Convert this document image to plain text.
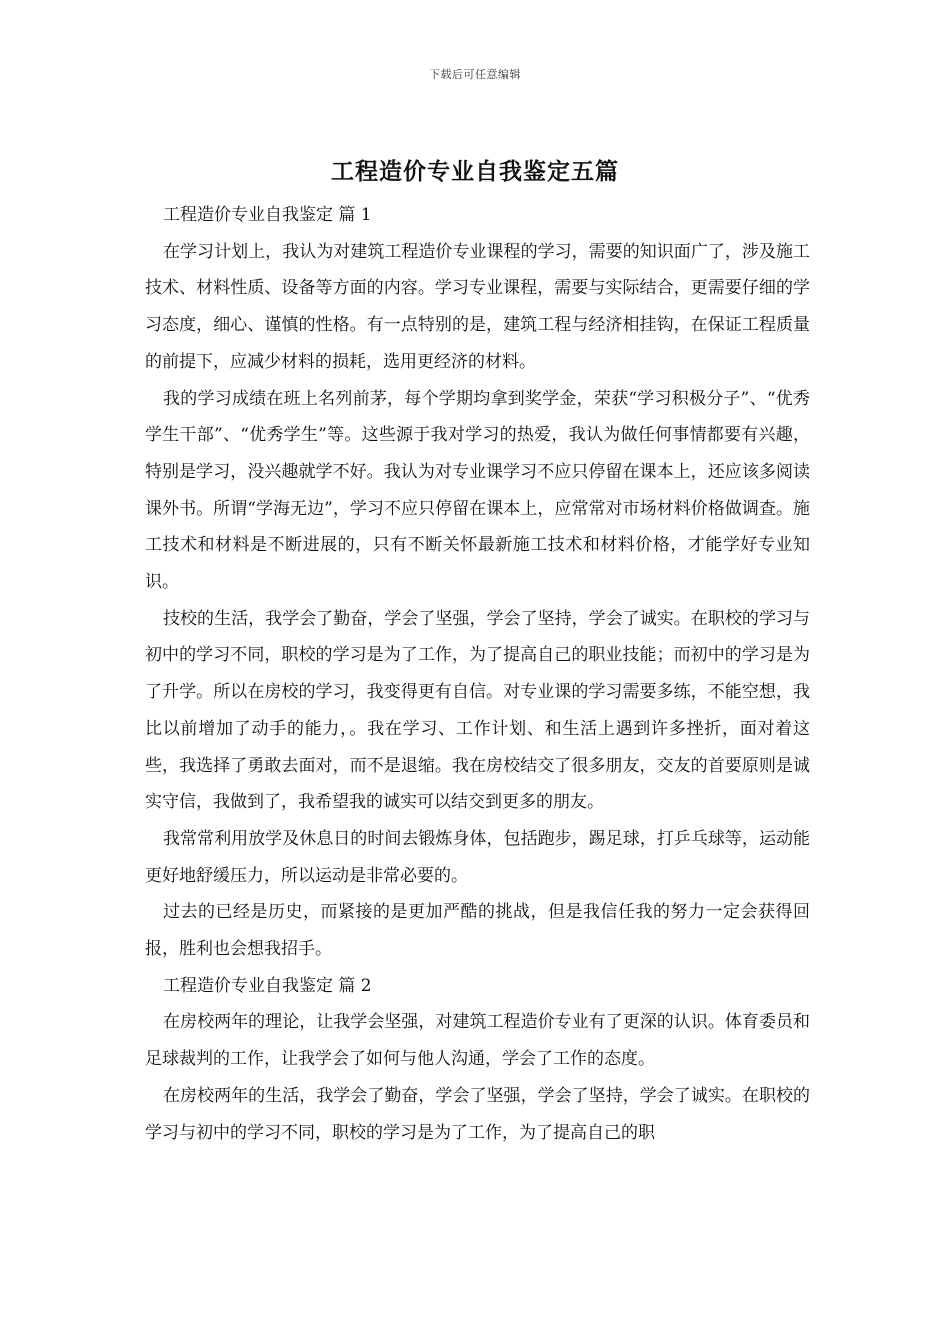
下载后可任意编辑
工程造价专业自我鉴定五篇

工程造价专业自我鉴定 篇 1

在学习计划上，我认为对建筑工程造价专业课程的学习，需要的知识面广了，涉及施工技术、材料性质、设备等方面的内容。学习专业课程，需要与实际结合，更需要仔细的学习态度，细心、谨慎的性格。有一点特别的是，建筑工程与经济相挂钩，在保证工程质量的前提下，应减少材料的损耗，选用更经济的材料。

我的学习成绩在班上名列前茅，每个学期均拿到奖学金，荣获“学习积极分子”、“优秀学生干部”、“优秀学生”等。这些源于我对学习的热爱，我认为做任何事情都要有兴趣，特别是学习，没兴趣就学不好。我认为对专业课学习不应只停留在课本上，还应该多阅读课外书。所谓“学海无边”，学习不应只停留在课本上，应常常对市场材料价格做调查。施工技术和材料是不断进展的，只有不断关怀最新施工技术和材料价格，才能学好专业知识。

技校的生活，我学会了勤奋，学会了坚强，学会了坚持，学会了诚实。在职校的学习与初中的学习不同，职校的学习是为了工作，为了提高自己的职业技能；而初中的学习是为了升学。所以在房校的学习，我变得更有自信。对专业课的学习需要多练，不能空想，我比以前增加了动手的能力，。我在学习、工作计划、和生活上遇到许多挫折，面对着这些，我选择了勇敢去面对，而不是退缩。我在房校结交了很多朋友，交友的首要原则是诚实守信，我做到了，我希望我的诚实可以结交到更多的朋友。

我常常利用放学及休息日的时间去锻炼身体，包括跑步，踢足球，打乒乓球等，运动能更好地舒缓压力，所以运动是非常必要的。

过去的已经是历史，而紧接的是更加严酷的挑战，但是我信任我的努力一定会获得回报，胜利也会想我招手。

工程造价专业自我鉴定 篇 2

在房校两年的理论，让我学会坚强，对建筑工程造价专业有了更深的认识。体育委员和足球裁判的工作，让我学会了如何与他人沟通，学会了工作的态度。

在房校两年的生活，我学会了勤奋，学会了坚强，学会了坚持，学会了诚实。在职校的学习与初中的学习不同，职校的学习是为了工作，为了提高自己的职
